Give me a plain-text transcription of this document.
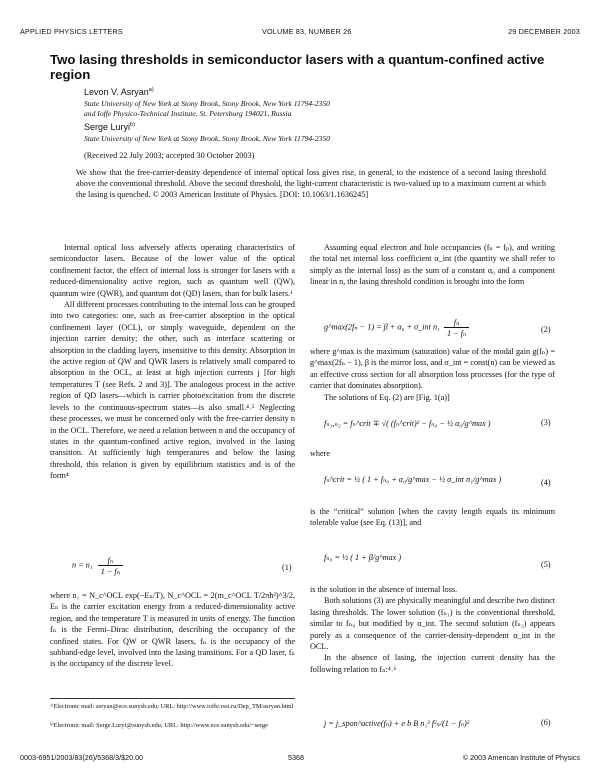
APPLIED PHYSICS LETTERS	VOLUME 83, NUMBER 26	29 DECEMBER 2003
Two lasing thresholds in semiconductor lasers with a quantum-confined active region
Levon V. Asryan$^{a)}$
State University of New York at Stony Brook, Stony Brook, New York 11794-2350
and Ioffe Physico-Technical Institute, St. Petersburg 194021, Russia
Serge Luryi$^{b)}$
State University of New York at Stony Brook, Stony Brook, New York 11794-2350
(Received 22 July 2003; accepted 30 October 2003)
We show that the free-carrier-density dependence of internal optical loss gives rise, in general, to the existence of a second lasing threshold above the conventional threshold. Above the second threshold, the light-current characteristic is two-valued up to a maximum current at which the lasing is quenched. © 2003 American Institute of Physics. [DOI: 10.1063/1.1636245]

Internal optical loss adversely affects operating characteristics of semiconductor lasers. Because of the lower value of the optical confinement factor, the effect of internal loss is stronger for lasers with a reduced-dimensionality active region, such as quantum well (QW), quantum wire (QWR), and quantum dot (QD) lasers, than for bulk lasers.¹

All different processes contributing to the internal loss can be grouped into two categories: one, such as free-carrier absorption in the optical confinement layer (OCL), or simply waveguide, dependent on the injection carrier density; the other, such as interface scattering or absorption in the cladding layers, insensitive to this density. Absorption in the active region of QW and QWR lasers is relatively small compared to absorption in the OCL, at least at high injection currents j [for high temperatures T (see Refs. 2 and 3)]. The analogous process in the active region of QD lasers—which is carrier photoexcitation from the discrete levels to the continuous-spectrum states—is also small.⁴˒⁵ Neglecting these processes, we must be concerned only with the free-carrier density n in the OCL. Therefore, we need a relation between n and the occupancy of states in the quantum-confined active region, involved in the lasing transition. At sufficiently high temperatures and below the lasing threshold, this relation is given by equilibrium statistics and is of the form⁴

$n = n_1 \frac{\text{fₙ}}{\text{1 − fₙ}}$	(1)

where n₁ = N_c^OCL exp(−Eₙ/T), N_c^OCL = 2(m_c^OCL T/2πħ²)^3/2, Eₙ is the carrier excitation energy from a reduced-dimensionality active region, and the temperature T is measured in units of energy. The function fₙ is the Fermi–Dirac distribution, describing the occupancy of the confined states. For QW or QWR lasers, fₙ is the occupancy of the subband-edge level, involved into the lasing transitions. For a QD laser, fₙ is the occupancy of the discrete level.

ᵃ⁾Electronic mail: asryan@ece.sunysb.edu; URL: http://www.ioffe.rssi.ru/Dep_TM/asryan.html
ᵇ⁾Electronic mail: Serge.Luryi@sunysb.edu; URL: http://www.ece.sunysb.edu/~serge

Assuming equal electron and hole occupancies (fₙ = fₚ), and writing the total net internal loss coefficient α_int (the quantity we shall refer to simply as the internal loss) as the sum of a constant α₀ and a component linear in n, the lasing threshold condition is brought into the form

g^max(2fₙ − 1) = β + α₀ + σ_int $n_1 \frac{\text{fₙ}}{\text{1 − fₙ}}$	(2)

where g^max is the maximum (saturation) value of the modal gain g(fₙ) = g^max(2fₙ − 1), β is the mirror loss, and σ_int = const(n) can be viewed as an effective cross section for all absorption loss processes (for the type of carrier that dominates absorption).

The solutions of Eq. (2) are [Fig. 1(a)]

fₙ₁,ₙ₂ = fₙ^crit ∓ √( (fₙ^crit)² − fₙ₀ − ½ α₀/g^max )	(3)
where
fₙ^crit = ½ ( 1 + fₙ₀ + α₀/g^max − ½ σ_int n₁/g^max )	(4)

is the “critical” solution [when the cavity length equals its minimum tolerable value (see Eq. (13)], and

fₙ₀ = ½ ( 1 + β/g^max )
(5)

is the solution in the absence of internal loss.

Both solutions (3) are physically meaningful and describe two distinct lasing thresholds. The lower solution (fₙ₁) is the conventional threshold, similar to fₙ₀ but modified by α_int. The second solution (fₙ₂) appears purely as a consequence of the carrier-density-dependent α_int in the OCL.

In the absence of lasing, the injection current density has the following relation to fₙ:⁴˒⁶

j = j_spon^active(fₙ) + e b B n₁² f²ₙ/(1 − fₙ)²	(6)
0003-6951/2003/83(26)/5368/3/$20.00	5368	© 2003 American Institute of Physics
